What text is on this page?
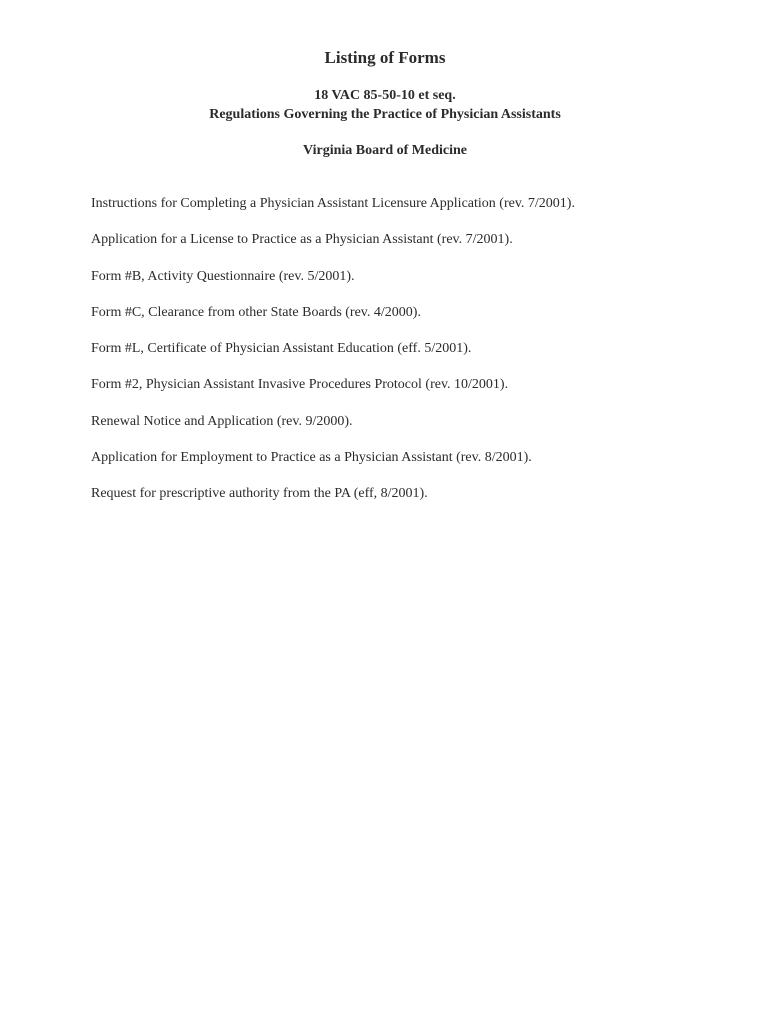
Listing of Forms

18 VAC 85-50-10 et seq.

Regulations Governing the Practice of Physician Assistants

Virginia Board of Medicine

Instructions for Completing a Physician Assistant Licensure Application (rev. 7/2001).
Application for a License to Practice as a Physician Assistant (rev. 7/2001).
Form #B, Activity Questionnaire (rev. 5/2001).
Form #C, Clearance from other State Boards (rev. 4/2000).
Form #L, Certificate of Physician Assistant Education (eff. 5/2001).
Form #2, Physician Assistant Invasive Procedures Protocol (rev. 10/2001).
Renewal Notice and Application (rev. 9/2000).
Application for Employment to Practice as a Physician Assistant (rev. 8/2001).
Request for prescriptive authority from the PA (eff, 8/2001).
